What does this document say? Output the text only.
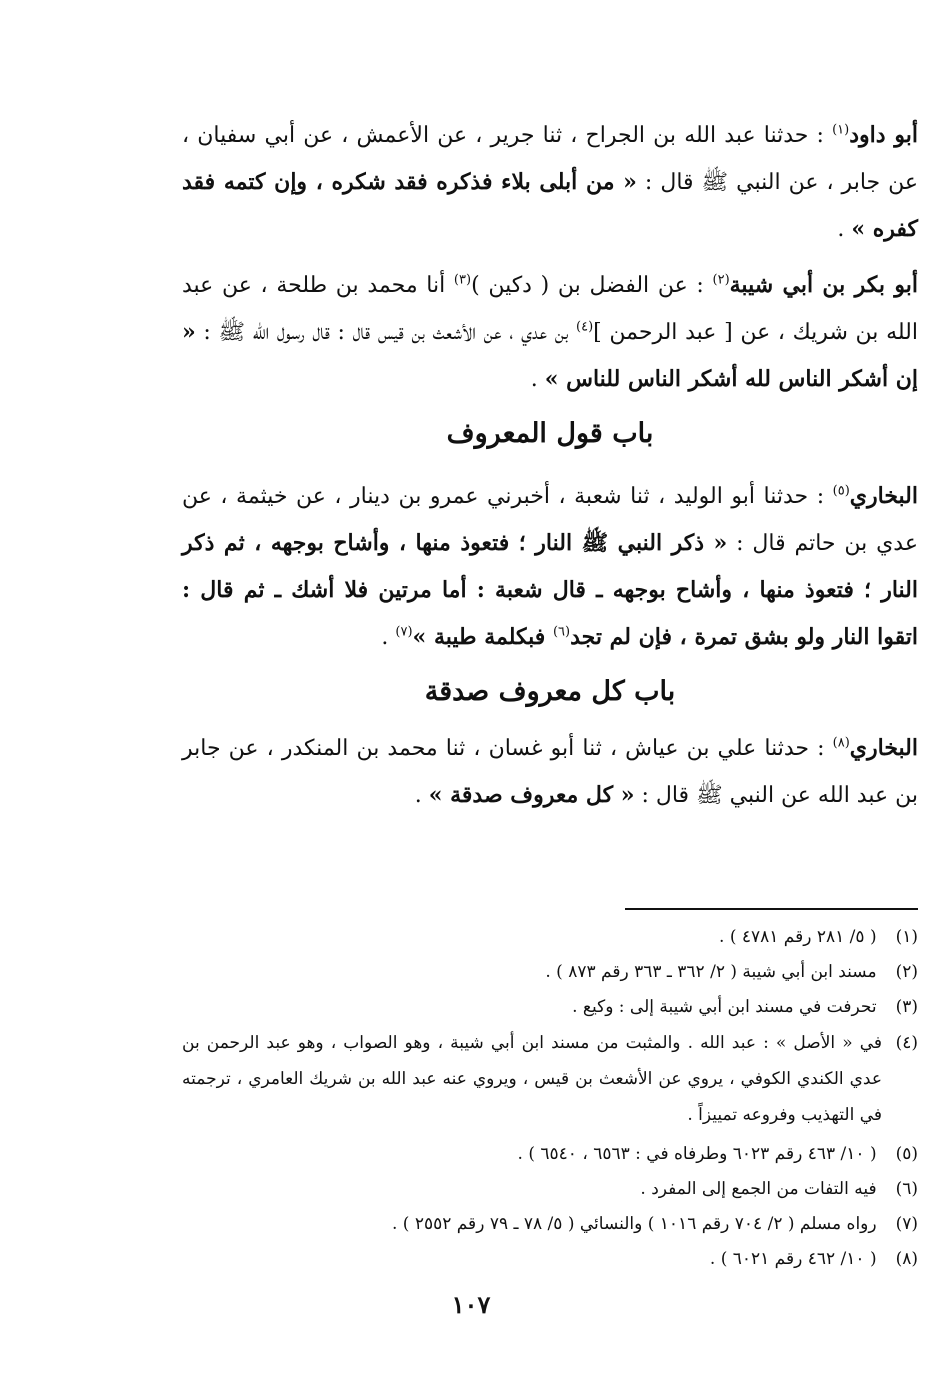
أبو داود$^{(١)}$ : حدثنا عبد الله بن الجراح ، ثنا جرير ، عن الأعمش ، عن أبي سفيان ، عن جابر ، عن النبي ﷺ قال : « من أبلى بلاء فذكره فقد شكره ، وإن كتمه فقد كفره » .

أبو بكر بن أبي شيبة$^{(٢)}$ : عن الفضل بن ( دكين )$^{(٣)}$ أنا محمد بن طلحة ، عن عبد الله بن شريك ، عن [ عبد الرحمن ]$^{(٤)}$ بن عدي ، عن الأشعث بن قيس قال : قال رسول الله ﷺ : « إن أشكر الناس لله أشكر الناس للناس » .

باب قول المعروف

البخاري$^{(٥)}$ : حدثنا أبو الوليد ، ثنا شعبة ، أخبرني عمرو بن دينار ، عن خيثمة ، عن عدي بن حاتم قال : « ذكر النبي ﷺ النار ؛ فتعوذ منها ، وأشاح بوجهه ، ثم ذكر النار ؛ فتعوذ منها ، وأشاح بوجهه ـ قال شعبة : أما مرتين فلا أشك ـ ثم قال : اتقوا النار ولو بشق تمرة ، فإن لم تجد$^{(٦)}$ فبكلمة طيبة »$^{(٧)}$ .

باب كل معروف صدقة

البخاري$^{(٨)}$ : حدثنا علي بن عياش ، ثنا أبو غسان ، ثنا محمد بن المنكدر ، عن جابر بن عبد الله عن النبي ﷺ قال : « كل معروف صدقة » .

(١) ( ٥/ ٢٨١ رقم ٤٧٨١ ) .
(٢) مسند ابن أبي شيبة ( ٢/ ٣٦٢ ـ ٣٦٣ رقم ٨٧٣ ) .
(٣) تحرفت في مسند ابن أبي شيبة إلى : وكيع .
(٤)
في « الأصل » : عبد الله . والمثبت من مسند ابن أبي شيبة ، وهو الصواب ، وهو عبد الرحمن بن عدي الكندي الكوفي ، يروي عن الأشعث بن قيس ، ويروي عنه عبد الله بن شريك العامري ، ترجمته في التهذيب وفروعه تمييزاً .
(٥) ( ١٠/ ٤٦٣ رقم ٦٠٢٣ وطرفاه في : ٦٥٦٣ ، ٦٥٤٠ ) .
(٦) فيه التفات من الجمع إلى المفرد .
(٧) رواه مسلم ( ٢/ ٧٠٤ رقم ١٠١٦ ) والنسائي ( ٥/ ٧٨ ـ ٧٩ رقم ٢٥٥٢ ) .
(٨) ( ١٠/ ٤٦٢ رقم ٦٠٢١ ) .
١٠٧
